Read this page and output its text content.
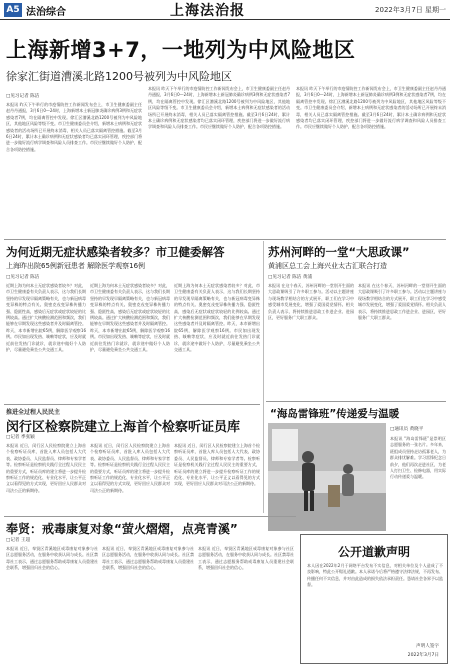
A5 法治综合	上海法治报	2022年3月7日 星期一
上海新增3+7，一地列为中风险地区
徐家汇街道漕溪北路1200号被列为中风险地区
□见习记者 陈洁
本报讯 昨天下午举行的市疫情防控工作新闻发布会上，市卫生健康委副主任赵丹丹通报，3月6日0—24时，上海新增本土新冠肺炎确诊病例3例和无症状感染者7例，均在隔离管控中发现。徐汇区漕溪北路1200号被列为中风险地区，其他地区风险等级不变。市卫生健康委员会介绍，新增本土病例和无症状感染者的活动场所已开展终末消毒，相关人员已落实隔离管控措施。截至3月6日24时，累计本土确诊病例和无症状感染者均已落实闭环管理，疾控部门将进一步做好流行病学调查和风险人员排查工作。市民应继续做好个人防护，配合各项防控措施。
本报讯 昨天下午举行的市疫情防控工作新闻发布会上，市卫生健康委副主任赵丹丹通报，3月6日0—24时，上海新增本土新冠肺炎确诊病例3例和无症状感染者7例，均在隔离管控中发现。徐汇区漕溪北路1200号被列为中风险地区，其他地区风险等级不变。市卫生健康委员会介绍，新增本土病例和无症状感染者的活动场所已开展终末消毒，相关人员已落实隔离管控措施。截至3月6日24时，累计本土确诊病例和无症状感染者均已落实闭环管理，疾控部门将进一步做好流行病学调查和风险人员排查工作。市民应继续做好个人防护，配合各项防控措施。
本报讯 昨天下午举行的市疫情防控工作新闻发布会上，市卫生健康委副主任赵丹丹通报，3月6日0—24时，上海新增本土新冠肺炎确诊病例3例和无症状感染者7例，均在隔离管控中发现。徐汇区漕溪北路1200号被列为中风险地区，其他地区风险等级不变。市卫生健康委员会介绍，新增本土病例和无症状感染者的活动场所已开展终末消毒，相关人员已落实隔离管控措施。截至3月6日24时，累计本土确诊病例和无症状感染者均已落实闭环管理，疾控部门将进一步做好流行病学调查和风险人员排查工作。市民应继续做好个人防护，配合各项防控措施。
为何近期无症状感染者较多？市卫健委解答
上海昨出院65例新冠患者 解除医学观察16例
□见习记者 陈洁
近期上海为何本土无症状感染者较多？对此，市卫生健康委有关负责人表示，这与我们长期坚持的早发现早隔离策略有关，也与新冠病毒变异株的特点有关。奥密克戎变异株传播力强、隐匿性高，感染后无症状或症状较轻的比例较高。通过扩大核酸检测范围和频次，我们能够在早期发现这些感染者并及时隔离管控。昨天，本市新增出院65例，解除医学观察16例。市民如出现发热、咳嗽等症状，应及时就近前往发热门诊就诊，就诊途中做好个人防护，尽量避免乘坐公共交通工具。
近期上海为何本土无症状感染者较多？对此，市卫生健康委有关负责人表示，这与我们长期坚持的早发现早隔离策略有关，也与新冠病毒变异株的特点有关。奥密克戎变异株传播力强、隐匿性高，感染后无症状或症状较轻的比例较高。通过扩大核酸检测范围和频次，我们能够在早期发现这些感染者并及时隔离管控。昨天，本市新增出院65例，解除医学观察16例。市民如出现发热、咳嗽等症状，应及时就近前往发热门诊就诊，就诊途中做好个人防护，尽量避免乘坐公共交通工具。
近期上海为何本土无症状感染者较多？对此，市卫生健康委有关负责人表示，这与我们长期坚持的早发现早隔离策略有关，也与新冠病毒变异株的特点有关。奥密克戎变异株传播力强、隐匿性高，感染后无症状或症状较轻的比例较高。通过扩大核酸检测范围和频次，我们能够在早期发现这些感染者并及时隔离管控。昨天，本市新增出院65例，解除医学观察16例。市民如出现发热、咳嗽等症状，应及时就近前往发热门诊就诊，就诊途中做好个人防护，尽量避免乘坐公共交通工具。
苏州河畔的一堂“大思政课”
黄浦区总工会上海兴业太古汇联合打造
□见习记者 陈洁 黄浦
本报讯 在这个春天，苏州河畔的一堂别开生面的大思政课吸引了许多职工参与。活动以主题讲座与现场教学相结合的方式展开，职工们在学习中感受城市发展变化，增强了爱国爱党情怀。相关负责人表示，将持续推进思政工作进企业、进园区，更好服务广大职工群众。
本报讯 在这个春天，苏州河畔的一堂别开生面的大思政课吸引了许多职工参与。活动以主题讲座与现场教学相结合的方式展开，职工们在学习中感受城市发展变化，增强了爱国爱党情怀。相关负责人表示，将持续推进思政工作进企业、进园区，更好服务广大职工群众。
“海岛雷锋班”传递爱与温暖
□通讯员 黄晓平
本报讯 “海岛雷锋班”是崇明区志愿服务的一张名片。多年来，班组成员坚持走访孤寡老人，为群众排忧解难。学习雷锋纪念日前夕，他们再次走进社区，为老人打扫卫生、检修电器，用实际行动传递爱与温暖。
推进全过程人民民主
闵行区检察院建立上海首个检察听证员库
□记者 季张颖
本报讯 近日，闵行区人民检察院建立上海首个检察听证员库，首批入库人员包括人大代表、政协委员、人民监督员、律师和专家学者等。检察听证是检察机关践行全过程人民民主的重要方式，听证员库的建立将进一步提升检察听证工作的规范化、专业化水平，让公平正义以看得见的方式实现，更好回应人民群众对司法公正的新期待。
本报讯 近日，闵行区人民检察院建立上海首个检察听证员库，首批入库人员包括人大代表、政协委员、人民监督员、律师和专家学者等。检察听证是检察机关践行全过程人民民主的重要方式，听证员库的建立将进一步提升检察听证工作的规范化、专业化水平，让公平正义以看得见的方式实现，更好回应人民群众对司法公正的新期待。
本报讯 近日，闵行区人民检察院建立上海首个检察听证员库，首批入库人员包括人大代表、政协委员、人民监督员、律师和专家学者等。检察听证是检察机关践行全过程人民民主的重要方式，听证员库的建立将进一步提升检察听证工作的规范化、专业化水平，让公平正义以看得见的方式实现，更好回应人民群众对司法公正的新期待。
奉贤：戒毒康复对象“萤火熠熠，点亮青溪”
□记者 王超
本报讯 近日，奉贤区青溪地区戒毒康复对象参与社区志愿服务活动，在服务中收获认同与成长。社区禁毒社工表示，通过志愿服务帮助戒毒康复人员重建社会联系，增强回归社会的信心。
本报讯 近日，奉贤区青溪地区戒毒康复对象参与社区志愿服务活动，在服务中收获认同与成长。社区禁毒社工表示，通过志愿服务帮助戒毒康复人员重建社会联系，增强回归社会的信心。
本报讯 近日，奉贤区青溪地区戒毒康复对象参与社区志愿服务活动，在服务中收获认同与成长。社区禁毒社工表示，通过志愿服务帮助戒毒康复人员重建社会联系，增强回归社会的信心。
公开道歉声明
本人因在2022年2月于网络平台发布不实信息，对相关单位及个人造成了不良影响，特此公开赔礼道歉。本人承诺今后将严格遵守法律法规，不再发布、传播任何不实信息，并对由此造成的损失依法承担责任。恳请社会各界予以监督。
声明人签字
2022年3月7日
